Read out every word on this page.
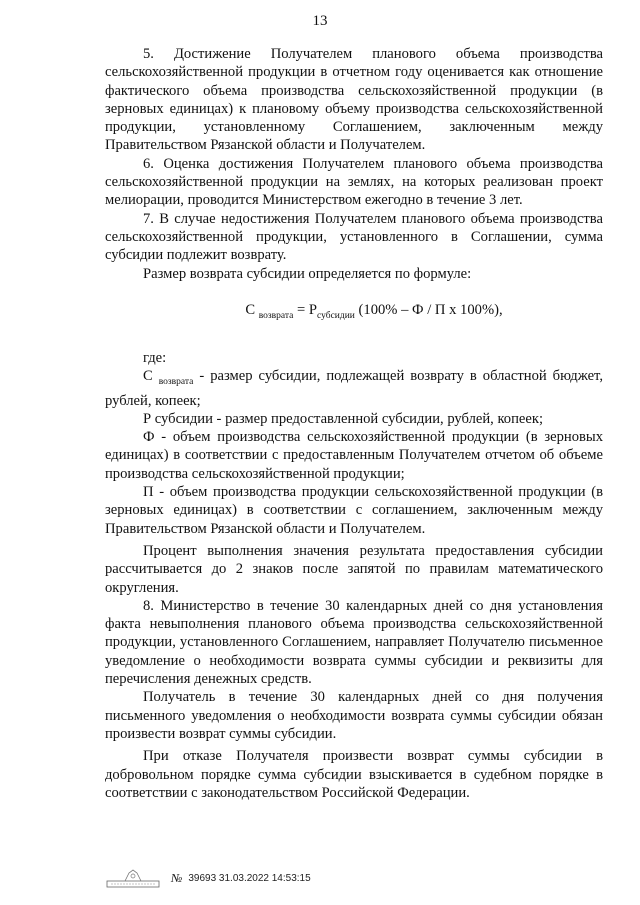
13

5. Достижение Получателем планового объема производства сельскохозяйственной продукции в отчетном году оценивается как отношение фактического объема производства сельскохозяйственной продукции (в зерновых единицах) к плановому объему производства сельскохозяйственной продукции, установленному Соглашением, заключенным между Правительством Рязанской области и Получателем.

6. Оценка достижения Получателем планового объема производства сельскохозяйственной продукции на землях, на которых реализован проект мелиорации, проводится Министерством ежегодно в течение 3 лет.

7. В случае недостижения Получателем планового объема производства сельскохозяйственной продукции, установленного в Соглашении, сумма субсидии подлежит возврату.

Размер возврата субсидии определяется по формуле:

С $_{возврата} = Р_{субсидии}$ (100% – Ф / П х 100%),

где:

С $_{возврата}$ - размер субсидии, подлежащей возврату в областной бюджет, рублей, копеек;

Р субсидии - размер предоставленной субсидии, рублей, копеек;

Ф - объем производства сельскохозяйственной продукции (в зерновых единицах) в соответствии с предоставленным Получателем отчетом об объеме производства сельскохозяйственной продукции;

П - объем производства продукции сельскохозяйственной продукции (в зерновых единицах) в соответствии с соглашением, заключенным между Правительством Рязанской области и Получателем.

Процент выполнения значения результата предоставления субсидии рассчитывается до 2 знаков после запятой по правилам математического округления.

8. Министерство в течение 30 календарных дней со дня установления факта невыполнения планового объема производства сельскохозяйственной продукции, установленного Соглашением, направляет Получателю письменное уведомление о необходимости возврата суммы субсидии и реквизиты для перечисления денежных средств.

Получатель в течение 30 календарных дней со дня получения письменного уведомления о необходимости возврата суммы субсидии обязан произвести возврат суммы субсидии.

При отказе Получателя произвести возврат суммы субсидии в добровольном порядке сумма субсидии взыскивается в судебном порядке в соответствии с законодательством Российской Федерации.

№ 39693 31.03.2022 14:53:15
